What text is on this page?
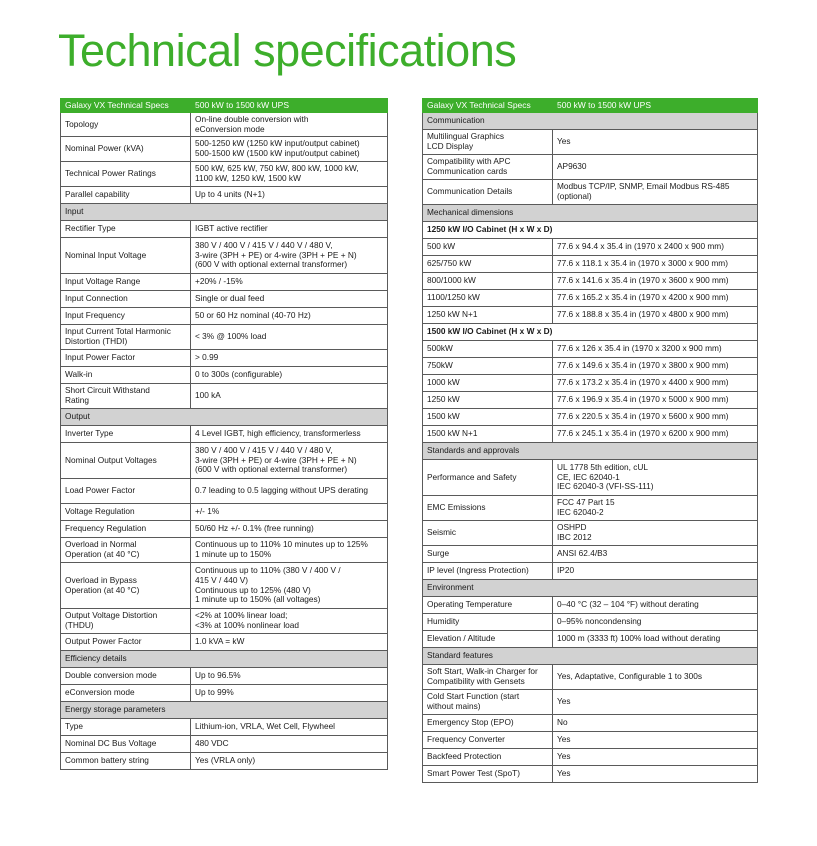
Technical specifications
Galaxy VX Technical Specs	500 kW to 1500 kW UPS
Topology	On-line double conversion with
eConversion mode
Nominal Power (kVA)	500-1250 kW (1250 kW input/output cabinet)
500-1500 kW (1500 kW input/output cabinet)
Technical Power Ratings	500 kW, 625 kW, 750 kW, 800 kW, 1000 kW,
1100 kW, 1250 kW, 1500 kW
Parallel capability	Up to 4 units (N+1)
Input	
Rectifier Type	IGBT active rectifier
Nominal Input Voltage	380 V / 400 V / 415 V / 440 V / 480 V,
3-wire (3PH + PE) or 4-wire (3PH + PE + N)
(600 V with optional external transformer)
Input Voltage Range	+20% / -15%
Input Connection	Single or dual feed
Input Frequency	50 or 60 Hz nominal (40-70 Hz)
Input Current Total Harmonic
Distortion (THDI)	< 3% @ 100% load
Input Power Factor	> 0.99
Walk-in	0 to 300s (configurable)
Short Circuit Withstand
Rating	100 kA
Output	
Inverter Type	4 Level IGBT, high efficiency, transformerless
Nominal Output Voltages	380 V / 400 V / 415 V / 440 V / 480 V,
3-wire (3PH + PE) or 4-wire (3PH + PE + N)
(600 V with optional external transformer)
Load Power Factor	0.7 leading to 0.5 lagging without UPS derating
Voltage Regulation	+/- 1%
Frequency Regulation	50/60 Hz +/- 0.1% (free running)
Overload in Normal
Operation (at 40 °C)	Continuous up to 110% 10 minutes up to 125%
1 minute up to 150%
Overload in Bypass
Operation (at 40 °C)	Continuous up to 110% (380 V / 400 V /
415 V / 440 V)
Continuous up to 125% (480 V)
1 minute up to 150% (all voltages)
Output Voltage Distortion
(THDU)	<2% at 100% linear load;
<3% at 100% nonlinear load
Output Power Factor	1.0 kVA = kW
Efficiency details	
Double conversion mode	Up to 96.5%
eConversion mode	Up to 99%
Energy storage parameters	
Type	Lithium-ion, VRLA, Wet Cell, Flywheel
Nominal DC Bus Voltage	480 VDC
Common battery string	Yes (VRLA only)
Galaxy VX Technical Specs	500 kW to 1500 kW UPS
Communication	
Multilingual Graphics
LCD Display	Yes
Compatibility with APC
Communication cards	AP9630
Communication Details	Modbus TCP/IP, SNMP, Email Modbus RS-485
(optional)
Mechanical dimensions	
1250 kW I/O Cabinet (H x W x D)	
500 kW	77.6 x 94.4 x 35.4 in (1970 x 2400 x 900 mm)
625/750 kW	77.6 x 118.1 x 35.4 in (1970 x 3000 x 900 mm)
800/1000 kW	77.6 x 141.6 x 35.4 in (1970 x 3600 x 900 mm)
1100/1250 kW	77.6 x 165.2 x 35.4 in (1970 x 4200 x 900 mm)
1250 kW N+1	77.6 x 188.8 x 35.4 in (1970 x 4800 x 900 mm)
1500 kW I/O Cabinet (H x W x D)	
500kW	77.6 x 126 x 35.4 in (1970 x 3200 x 900 mm)
750kW	77.6 x 149.6 x 35.4 in (1970 x 3800 x 900 mm)
1000 kW	77.6 x 173.2 x 35.4 in (1970 x 4400 x 900 mm)
1250 kW	77.6 x 196.9 x 35.4 in (1970 x 5000 x 900 mm)
1500 kW	77.6 x 220.5 x 35.4 in (1970 x 5600 x 900 mm)
1500 kW N+1	77.6 x 245.1 x 35.4 in (1970 x 6200 x 900 mm)
Standards and approvals	
Performance and Safety	UL 1778 5th edition, cUL
CE, IEC 62040-1
IEC 62040-3 (VFI-SS-111)
EMC Emissions	FCC 47 Part 15
IEC 62040-2
Seismic	OSHPD
IBC 2012
Surge	ANSI 62.4/B3
IP level (Ingress Protection)	IP20
Environment	
Operating Temperature	0–40 °C (32 – 104 °F) without derating
Humidity	0–95% noncondensing
Elevation / Altitude	1000 m (3333 ft) 100% load without derating
Standard features	
Soft Start, Walk-in Charger for
Compatibility with Gensets	Yes, Adaptative, Configurable 1 to 300s
Cold Start Function (start
without mains)	Yes
Emergency Stop (EPO)	No
Frequency Converter	Yes
Backfeed Protection	Yes
Smart Power Test (SpoT)	Yes
